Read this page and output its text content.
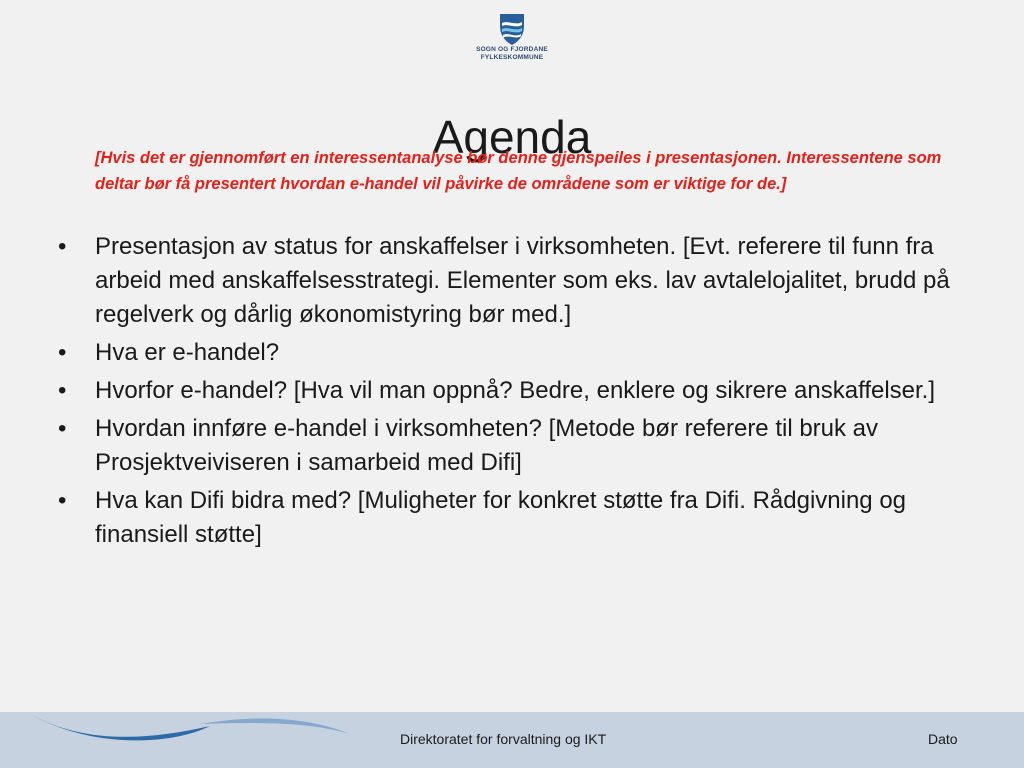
SOGN OG FJORDANE
FYLKESKOMMUNE
Agenda

[Hvis det er gjennomført en interessentanalyse bør denne gjenspeiles i presentasjonen. Interessentene som deltar bør få presentert hvordan e-handel vil påvirke de områdene som er viktige for de.]

• Presentasjon av status for anskaffelser i virksomheten. [Evt. referere til funn fra arbeid med anskaffelsesstrategi. Elementer som eks. lav avtalelojalitet, brudd på regelverk og dårlig økonomistyring bør med.]
• Hva er e-handel?
• Hvorfor e-handel? [Hva vil man oppnå? Bedre, enklere og sikrere anskaffelser.]
• Hvordan innføre e-handel i virksomheten? [Metode bør referere til bruk av Prosjektveiviseren i samarbeid med Difi]
• Hva kan Difi bidra med? [Muligheter for konkret støtte fra Difi. Rådgivning og finansiell støtte]
Direktoratet for forvaltning og IKT	Dato
